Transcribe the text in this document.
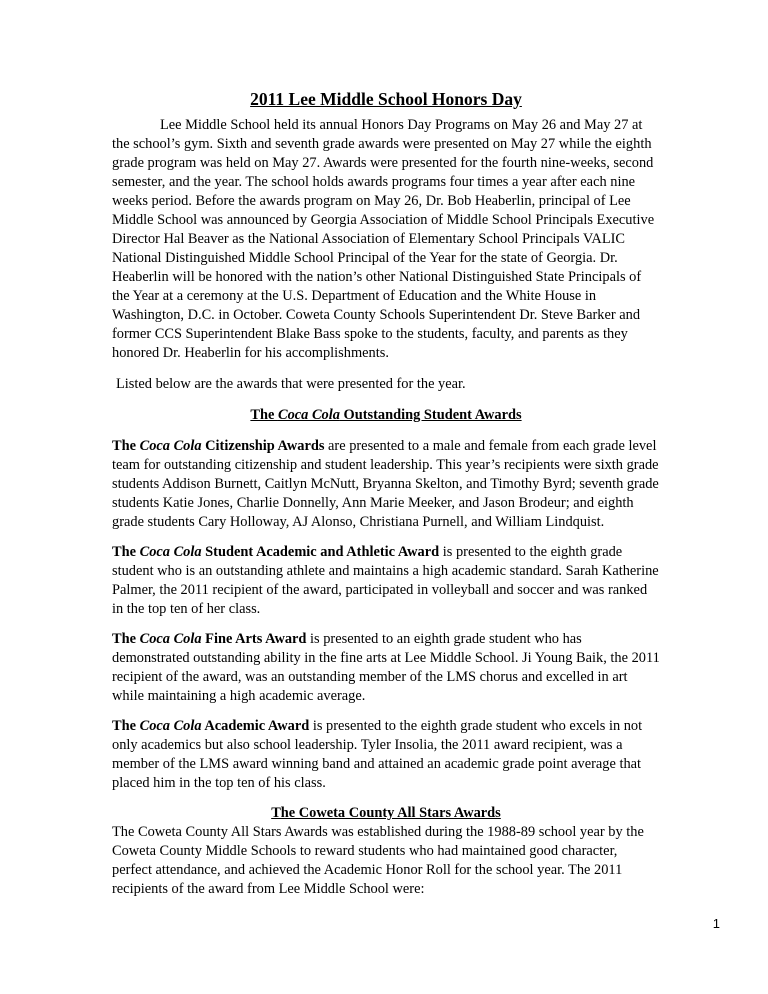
2011 Lee Middle School Honors Day

Lee Middle School held its annual Honors Day Programs on May 26 and May 27 at the school’s gym. Sixth and seventh grade awards were presented on May 27 while the eighth grade program was held on May 27. Awards were presented for the fourth nine-weeks, second semester, and the year. The school holds awards programs four times a year after each nine weeks period. Before the awards program on May 26, Dr. Bob Heaberlin, principal of Lee Middle School was announced by Georgia Association of Middle School Principals Executive Director Hal Beaver as the National Association of Elementary School Principals VALIC National Distinguished Middle School Principal of the Year for the state of Georgia. Dr. Heaberlin will be honored with the nation’s other National Distinguished State Principals of the Year at a ceremony at the U.S. Department of Education and the White House in Washington, D.C. in October. Coweta County Schools Superintendent Dr. Steve Barker and former CCS Superintendent Blake Bass spoke to the students, faculty, and parents as they honored Dr. Heaberlin for his accomplishments.

Listed below are the awards that were presented for the year.

The Coca Cola Outstanding Student Awards

The Coca Cola Citizenship Awards are presented to a male and female from each grade level team for outstanding citizenship and student leadership. This year’s recipients were sixth grade students Addison Burnett, Caitlyn McNutt, Bryanna Skelton, and Timothy Byrd; seventh grade students Katie Jones, Charlie Donnelly, Ann Marie Meeker, and Jason Brodeur; and eighth grade students Cary Holloway, AJ Alonso, Christiana Purnell, and William Lindquist.

The Coca Cola Student Academic and Athletic Award is presented to the eighth grade student who is an outstanding athlete and maintains a high academic standard. Sarah Katherine Palmer, the 2011 recipient of the award, participated in volleyball and soccer and was ranked in the top ten of her class.

The Coca Cola Fine Arts Award is presented to an eighth grade student who has demonstrated outstanding ability in the fine arts at Lee Middle School. Ji Young Baik, the 2011 recipient of the award, was an outstanding member of the LMS chorus and excelled in art while maintaining a high academic average.

The Coca Cola Academic Award is presented to the eighth grade student who excels in not only academics but also school leadership. Tyler Insolia, the 2011 award recipient, was a member of the LMS award winning band and attained an academic grade point average that placed him in the top ten of his class.

The Coweta County All Stars Awards

The Coweta County All Stars Awards was established during the 1988-89 school year by the Coweta County Middle Schools to reward students who had maintained good character, perfect attendance, and achieved the Academic Honor Roll for the school year. The 2011 recipients of the award from Lee Middle School were:

1
